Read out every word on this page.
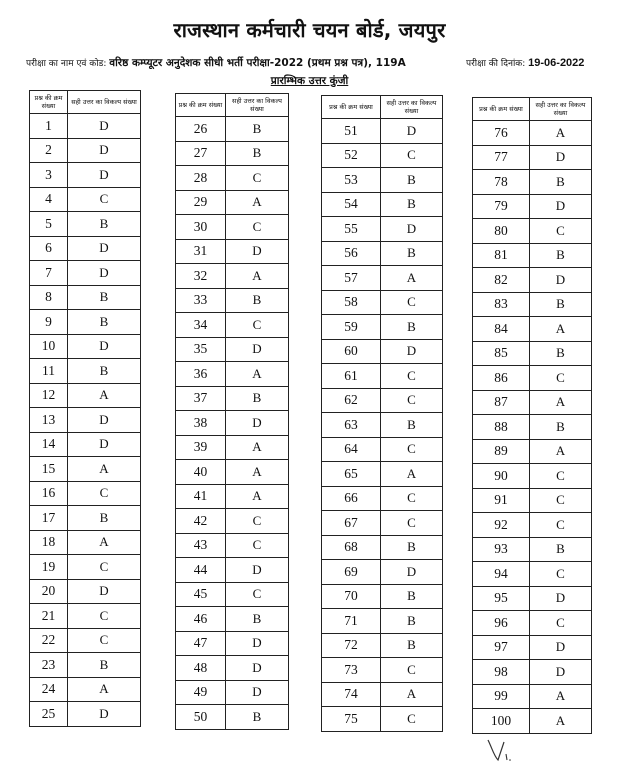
राजस्थान कर्मचारी चयन बोर्ड, जयपुर
परीक्षा का नाम एवं कोड: वरिष्ठ कम्प्यूटर अनुदेशक सीधी भर्ती परीक्षा-2022 (प्रथम प्रश्न पत्र), 119A	परीक्षा की दिनांक: 19-06-2022
प्रारम्भिक उत्तर कुंजी
प्रश्न की क्रम संख्या	सही उत्तर का विकल्प संख्या
1	D
2	D
3	D
4	C
5	B
6	D
7	D
8	B
9	B
10	D
11	B
12	A
13	D
14	D
15	A
16	C
17	B
18	A
19	C
20	D
21	C
22	C
23	B
24	A
25	D
प्रश्न की क्रम संख्या	सही उत्तर का विकल्प संख्या
26	B
27	B
28	C
29	A
30	C
31	D
32	A
33	B
34	C
35	D
36	A
37	B
38	D
39	A
40	A
41	A
42	C
43	C
44	D
45	C
46	B
47	D
48	D
49	D
50	B
प्रश्न की क्रम संख्या	सही उत्तर का विकल्प संख्या
51	D
52	C
53	B
54	B
55	D
56	B
57	A
58	C
59	B
60	D
61	C
62	C
63	B
64	C
65	A
66	C
67	C
68	B
69	D
70	B
71	B
72	B
73	C
74	A
75	C
प्रश्न की क्रम संख्या	सही उत्तर का विकल्प संख्या
76	A
77	D
78	B
79	D
80	C
81	B
82	D
83	B
84	A
85	B
86	C
87	A
88	B
89	A
90	C
91	C
92	C
93	B
94	C
95	D
96	C
97	D
98	D
99	A
100	A
